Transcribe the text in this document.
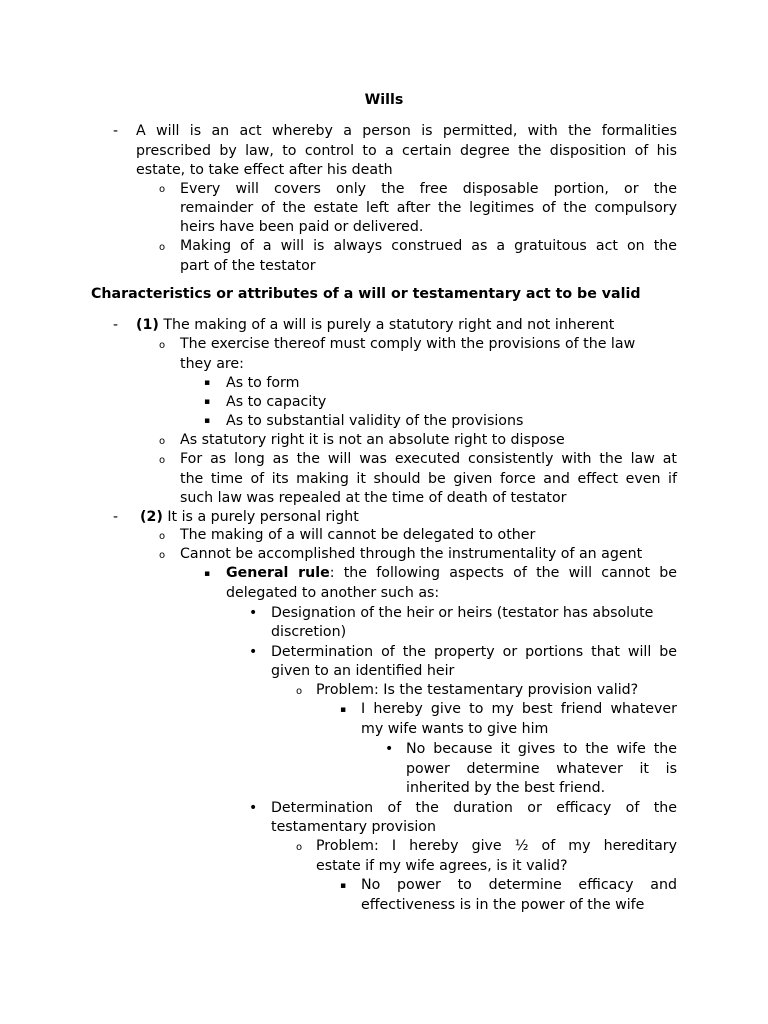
Wills
- A will is an act whereby a person is permitted, with the formalities
prescribed by law, to control to a certain degree the disposition of his
estate, to take effect after his death
o Every will covers only the free disposable portion, or the
remainder of the estate left after the legitimes of the compulsory
heirs have been paid or delivered.
o Making of a will is always construed as a gratuitous act on the
part of the testator
Characteristics or attributes of a will or testamentary act to be valid
- (1) The making of a will is purely a statutory right and not inherent
o The exercise thereof must comply with the provisions of the law
they are:
▪ As to form
▪ As to capacity
▪ As to substantial validity of the provisions
o As statutory right it is not an absolute right to dispose
o For as long as the will was executed consistently with the law at
the time of its making it should be given force and effect even if
such law was repealed at the time of death of testator
- (2) It is a purely personal right
o The making of a will cannot be delegated to other
o Cannot be accomplished through the instrumentality of an agent
▪ General rule: the following aspects of the will cannot be
delegated to another such as:
• Designation of the heir or heirs (testator has absolute
discretion)
• Determination of the property or portions that will be
given to an identified heir
o Problem: Is the testamentary provision valid?
▪ I hereby give to my best friend whatever
my wife wants to give him
• No because it gives to the wife the
power determine whatever it is
inherited by the best friend.
• Determination of the duration or efficacy of the
testamentary provision
o Problem: I hereby give ½ of my hereditary
estate if my wife agrees, is it valid?
▪ No power to determine efficacy and
effectiveness is in the power of the wife
